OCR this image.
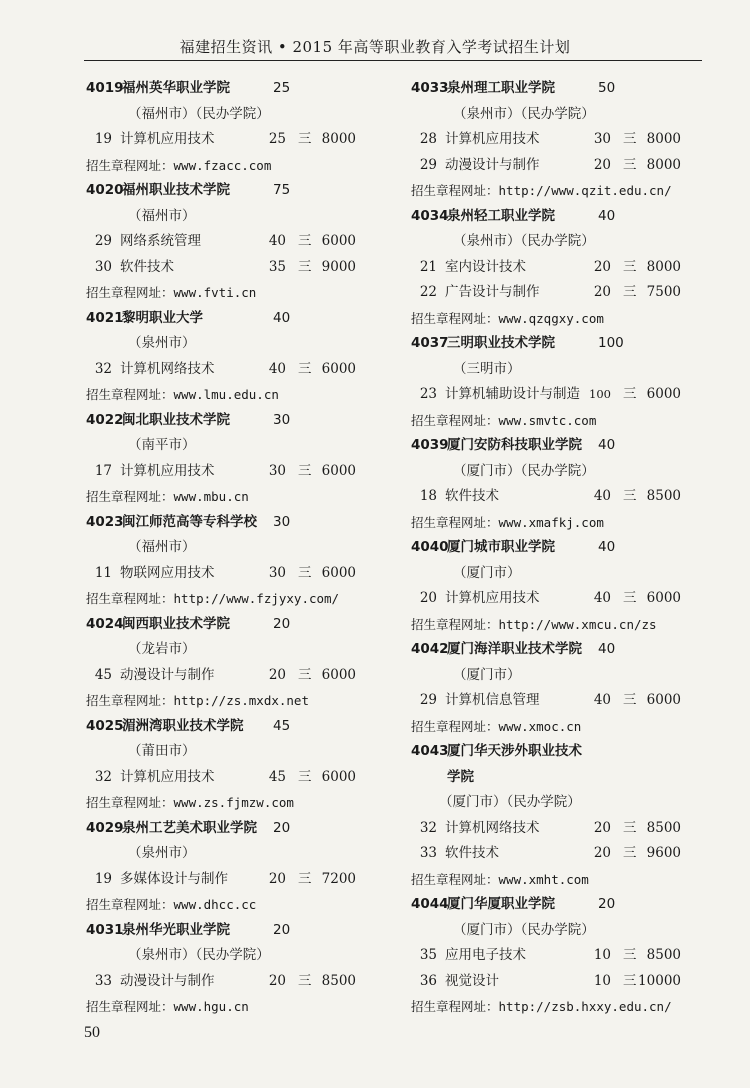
福建招生资讯 • 2015 年高等职业教育入学考试招生计划
4019
福州英华职业学院	25
（福州市）（民办学院）
19 计算机应用技术	25 三 8000
招生章程网址：www.fzacc.com
4020
福州职业技术学院	75
（福州市）
29 网络系统管理	40 三 6000
30 软件技术	35 三 9000
招生章程网址：www.fvti.cn
4021
黎明职业大学	40
（泉州市）
32 计算机网络技术	40 三 6000
招生章程网址：www.lmu.edu.cn
4022
闽北职业技术学院	30
（南平市）
17 计算机应用技术	30 三 6000
招生章程网址：www.mbu.cn
4023
闽江师范高等专科学校 30
（福州市）
11 物联网应用技术	30 三 6000
招生章程网址：http://www.fzjyxy.com/
4024
闽西职业技术学院	20
（龙岩市）
45 动漫设计与制作	20 三 6000
招生章程网址：http://zs.mxdx.net
4025
湄洲湾职业技术学院 45
（莆田市）
32 计算机应用技术	45 三 6000
招生章程网址：www.zs.fjmzw.com
4029
泉州工艺美术职业学院 20
（泉州市）
19 多媒体设计与制作	20 三 7200
招生章程网址：www.dhcc.cc
4031
泉州华光职业学院	20
（泉州市）（民办学院）
33 动漫设计与制作	20 三 8500
招生章程网址：www.hgu.cn
4033
泉州理工职业学院	50
（泉州市）（民办学院）
28 计算机应用技术	30 三 8000
29 动漫设计与制作	20 三 8000
招生章程网址：http://www.qzit.edu.cn/
4034
泉州轻工职业学院	40
（泉州市）（民办学院）
21 室内设计技术	20 三 8000
22 广告设计与制作	20 三 7500
招生章程网址：www.qzqgxy.com
4037
三明职业技术学院	100
（三明市）
23 计算机辅助设计与制造 100 三 6000
招生章程网址：www.smvtc.com
4039
厦门安防科技职业学院 40
（厦门市）（民办学院）
18 软件技术	40 三 8500
招生章程网址：www.xmafkj.com
4040
厦门城市职业学院	40
（厦门市）
20 计算机应用技术	40 三 6000
招生章程网址：http://www.xmcu.cn/zs
4042
厦门海洋职业技术学院 40
（厦门市）
29 计算机信息管理	40 三 6000
招生章程网址：www.xmoc.cn
4043
厦门华天涉外职业技术学院
（厦门市）（民办学院）
32 计算机网络技术	20 三 8500
33 软件技术	20 三 9600
招生章程网址：www.xmht.com
4044
厦门华厦职业学院	20
（厦门市）（民办学院）
35 应用电子技术	10 三 8500
36 视觉设计	10 三 10000
招生章程网址：http://zsb.hxxy.edu.cn/
50
